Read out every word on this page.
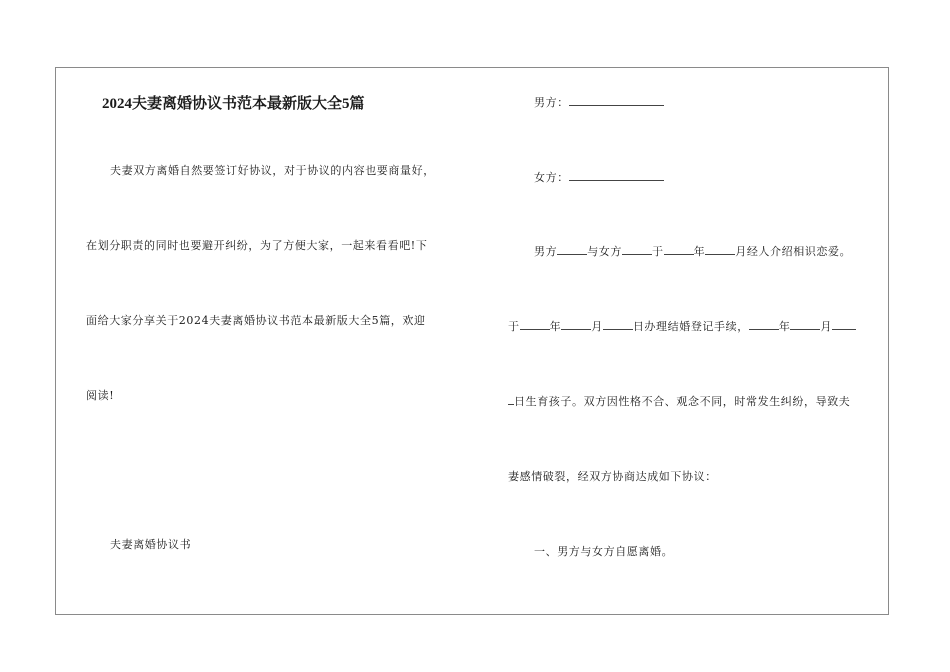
2024夫妻离婚协议书范本最新版大全5篇
夫妻双方离婚自然要签订好协议，对于协议的内容也要商量好，
在划分职责的同时也要避开纠纷，为了方便大家，一起来看看吧!下
面给大家分享关于2024夫妻离婚协议书范本最新版大全5篇，欢迎
阅读!
夫妻离婚协议书
男方：
女方：
男方	与女方	于	年	月经人介绍相识恋爱。
于	年	月	日办理结婚登记手续，	年	月
日生育孩子。双方因性格不合、观念不同，时常发生纠纷，导致夫
妻感情破裂，经双方协商达成如下协议：
一、男方与女方自愿离婚。
